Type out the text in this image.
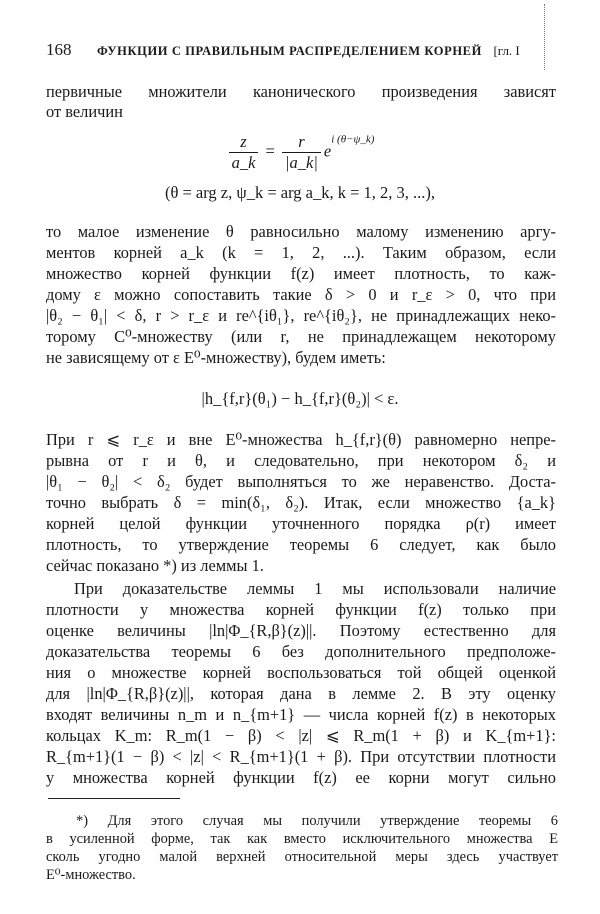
168 ФУНКЦИИ С ПРАВИЛЬНЫМ РАСПРЕДЕЛЕНИЕМ КОРНЕЙ [гл. I
первичные множители канонического произведения зависят
от величин
$\frac{z}{a\_k} = \frac{r}{|a\_k|} e^{i (\theta-\psi\_k)}$
(θ = arg z, ψ_k = arg a_k, k = 1, 2, 3, ...),
то малое изменение θ равносильно малому изменению аргу-
ментов корней a_k (k = 1, 2, ...). Таким образом, если
множество корней функции f(z) имеет плотность, то каж-
дому ε можно сопоставить такие δ > 0 и r_ε > 0, что при
|θ₂ − θ₁| < δ, r > r_ε и re^{iθ₁}, re^{iθ₂}, не принадлежащих неко-
торому C⁰-множеству (или r, не принадлежащем некоторому
не зависящему от ε E⁰-множеству), будем иметь:
|h_{f,r}(θ₁) − h_{f,r}(θ₂)| < ε.
При r ⩽ r_ε и вне E⁰-множества h_{f,r}(θ) равномерно непре-
рывна от r и θ, и следовательно, при некотором δ₂ и
|θ₁ − θ₂| < δ₂ будет выполняться то же неравенство. Доста-
точно выбрать δ = min(δ₁, δ₂). Итак, если множество {a_k}
корней целой функции уточненного порядка ρ(r) имеет
плотность, то утверждение теоремы 6 следует, как было
сейчас показано *) из леммы 1.
При доказательстве леммы 1 мы использовали наличие
плотности у множества корней функции f(z) только при
оценке величины |ln|Φ_{R,β}(z)||. Поэтому естественно для
доказательства теоремы 6 без дополнительного предположе-
ния о множестве корней воспользоваться той общей оценкой
для |ln|Φ_{R,β}(z)||, которая дана в лемме 2. В эту оценку
входят величины n_m и n_{m+1} — числа корней f(z) в некоторых
кольцах K_m: R_m(1 − β) < |z| ⩽ R_m(1 + β) и K_{m+1}:
R_{m+1}(1 − β) < |z| < R_{m+1}(1 + β). При отсутствии плотности
у множества корней функции f(z) ее корни могут сильно
*) Для этого случая мы получили утверждение теоремы 6
в усиленной форме, так как вместо исключительного множества E
сколь угодно малой верхней относительной меры здесь участвует
E⁰-множество.
